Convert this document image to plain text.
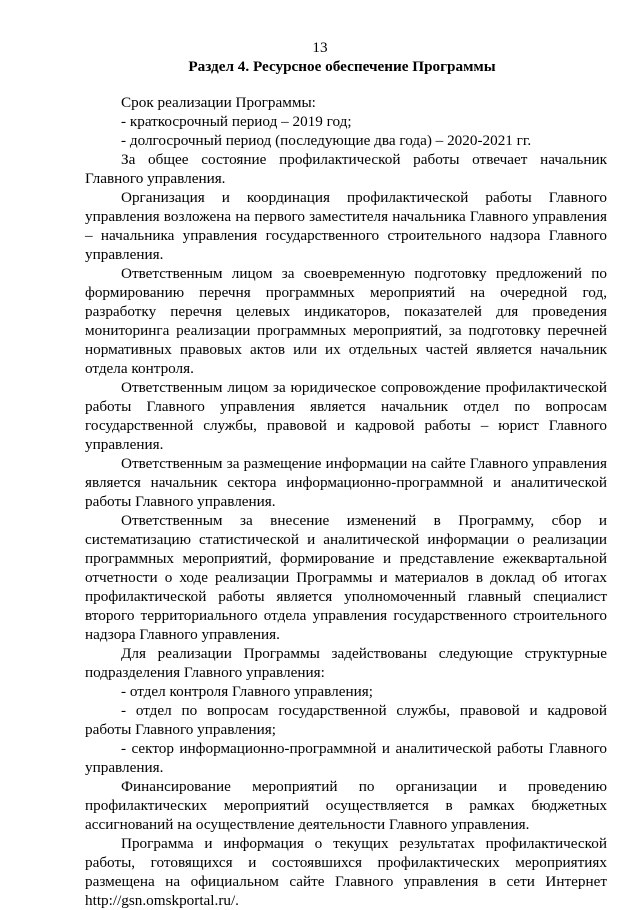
13
Раздел 4. Ресурсное обеспечение Программы

Срок реализации Программы:

- краткосрочный период – 2019 год;

- долгосрочный период (последующие два года) – 2020-2021 гг.

За общее состояние профилактической работы отвечает начальник Главного управления.

Организация и координация профилактической работы Главного управления возложена на первого заместителя начальника Главного управления – начальника управления государственного строительного надзора Главного управления.

Ответственным лицом за своевременную подготовку предложений по формированию перечня программных мероприятий на очередной год, разработку перечня целевых индикаторов, показателей для проведения мониторинга реализации программных мероприятий, за подготовку перечней нормативных правовых актов или их отдельных частей является начальник отдела контроля.

Ответственным лицом за юридическое сопровождение профилактической работы Главного управления является начальник отдел по вопросам государственной службы, правовой и кадровой работы – юрист Главного управления.

Ответственным за размещение информации на сайте Главного управления является начальник сектора информационно-программной и аналитической работы Главного управления.

Ответственным за внесение изменений в Программу, сбор и систематизацию статистической и аналитической информации о реализации программных мероприятий, формирование и представление ежеквартальной отчетности о ходе реализации Программы и материалов в доклад об итогах профилактической работы является уполномоченный главный специалист второго территориального отдела управления государственного строительного надзора Главного управления.

Для реализации Программы задействованы следующие структурные подразделения Главного управления:

- отдел контроля Главного управления;

- отдел по вопросам государственной службы, правовой и кадровой работы Главного управления;

- сектор информационно-программной и аналитической работы Главного управления.

Финансирование мероприятий по организации и проведению профилактических мероприятий осуществляется в рамках бюджетных ассигнований на осуществление деятельности Главного управления.

Программа и информация о текущих результатах профилактической работы, готовящихся и состоявшихся профилактических мероприятиях размещена на официальном сайте Главного управления в сети Интернет http://gsn.omskportal.ru/.
